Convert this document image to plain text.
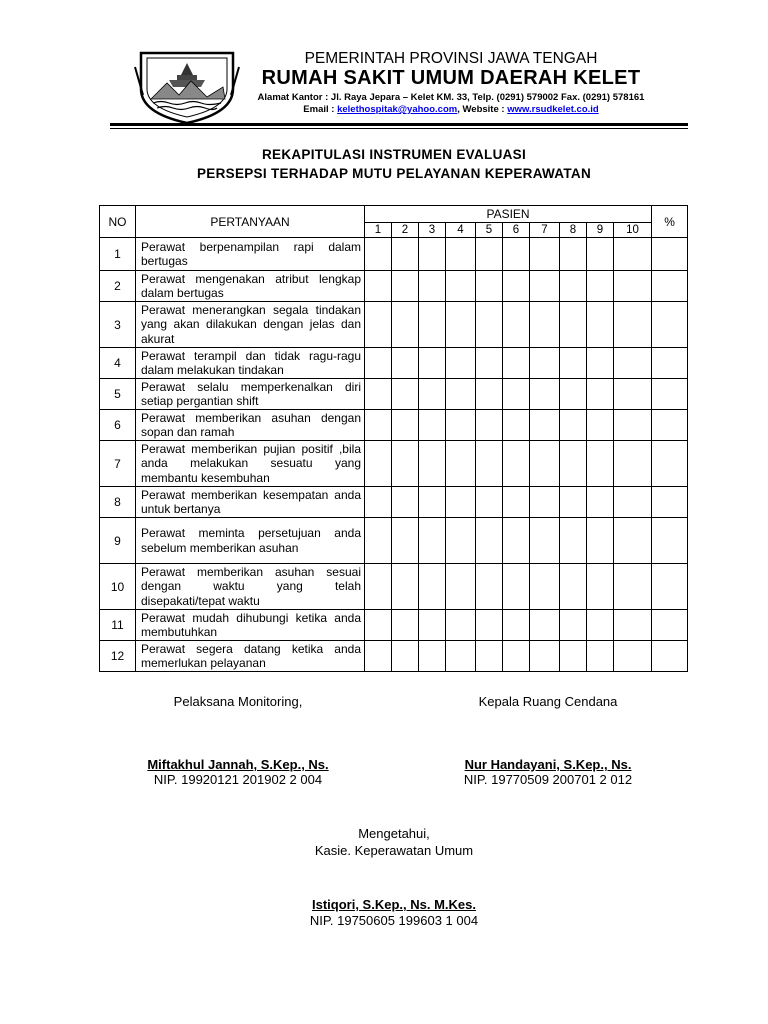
PEMERINTAH PROVINSI JAWA TENGAH
RUMAH SAKIT UMUM DAERAH KELET
Alamat Kantor : Jl. Raya Jepara – Kelet KM. 33, Telp. (0291) 579002 Fax. (0291) 578161
Email : kelethospitak@yahoo.com, Website : www.rsudkelet.co.id
REKAPITULASI INSTRUMEN EVALUASI
PERSEPSI TERHADAP MUTU PELAYANAN KEPERAWATAN
NO	PERTANYAAN	PASIEN										%
		1	2	3	4	5	6	7	8	9	10	
1	Perawat berpenampilan rapi dalam bertugas											

2	Perawat mengenakan atribut lengkap dalam bertugas											

3	Perawat menerangkan segala tindakan yang akan dilakukan dengan jelas dan akurat											

4	Perawat terampil dan tidak ragu-ragu dalam melakukan tindakan											

5	Perawat selalu memperkenalkan diri setiap pergantian shift											

6	Perawat memberikan asuhan dengan sopan dan ramah											

7	Perawat memberikan pujian positif ,bila anda melakukan sesuatu yang membantu kesembuhan											

8	Perawat memberikan kesempatan anda untuk bertanya											

9	Perawat meminta persetujuan anda sebelum memberikan asuhan											

10	Perawat memberikan asuhan sesuai dengan waktu yang telah disepakati/tepat waktu											

11	Perawat mudah dihubungi ketika anda membutuhkan											

12	Perawat segera datang ketika anda memerlukan pelayanan											

Pelaksana Monitoring,
Miftakhul Jannah, S.Kep., Ns.
NIP. 19920121 201902 2 004
Kepala Ruang Cendana
Nur Handayani, S.Kep., Ns.
NIP. 19770509 200701 2 012
Mengetahui,
Kasie. Keperawatan Umum
Istiqori, S.Kep., Ns. M.Kes.
NIP. 19750605 199603 1 004
